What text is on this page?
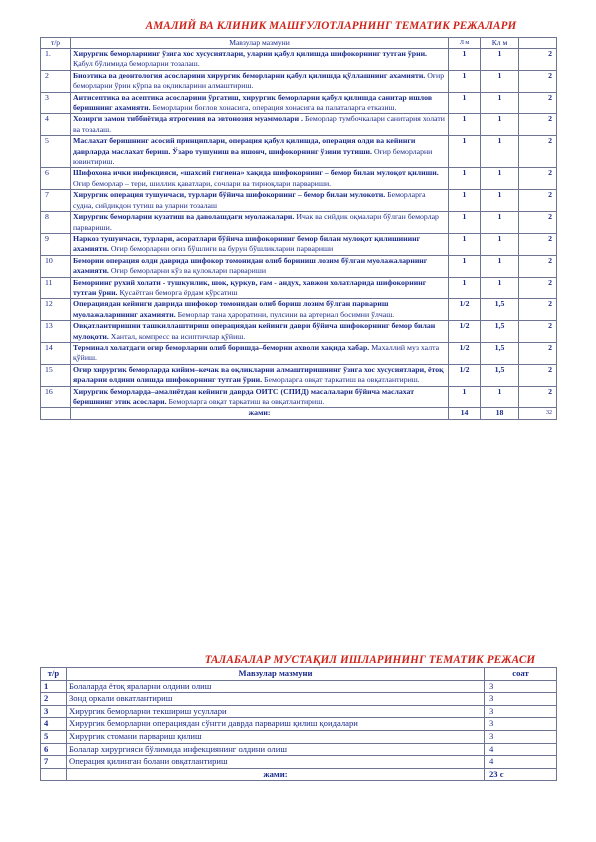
АМАЛИЙ ВА КЛИНИК МАШҒУЛОТЛАРНИНГ ТЕМАТИК РЕЖАЛАРИ
т/р	Мавзулар мазмуни	Л м	Кл м	
1.	Хирургик беморларнинг ўзига хос хусусиятлари, уларни қабул қилишда шифокорнинг тутган ўрни. Қабул бўлимида беморларни тозалаш.	1	1	2
2	Биоэтика ва деонтология асосларини хирургик беморларни қабул қилишда қўллашнинг ахамияти. Оғир беморларни ўрин кўрпа ва оқликларини алмаштириш.	1	1	2
3	Антисептика ва асептика асосларини ўргатиш, хирургик беморларни қабул қилишда санитар ишлов беришнинг ахамияти. Беморларни боғлов хонасига, операция хонасига ва палаталарга етказиш.	1	1	2
4	Хозирги замон тиббиётида ятрогения ва эвтонозия муаммолари . Беморлар тумбочкалари санитария холати ва тозалаш.	1	1	2
5	Маслахат беришнинг асосий принциплари, операция қабул қилишда, операция олди ва кейинги даврларда маслахат бериш. Ўзаро тушуниш ва ишонч, шифокорнинг ўзини тутиши. Оғир беморларни ювинтириш.	1	1	2
6	Шифохона ички инфекцияси, «шахсий гигиена» хақида шифокорнинг – бемор билан мулоқот қилиши. Оғир беморлар – тери, шиллик қаватлари, сочлари ва тирноқлари парвариши.	1	1	2
7	Хирургик операция тушунчаси, турлари бўйича шифокорнинг – бемор билан мулокоти. Беморларга судна, сийдикдон тутиш ва уларни тозалаш	1	1	2
8	Хирургик беморларни кузатиш ва даволашдаги муолажалари. Ичак ва сийдик оқмалари бўлган беморлар парвариши.	1	1	2
9	Наркоз тушунчаси, турлари, асоратлари бўйича шифокорнинг бемор билан мулоқот қилишининг ахамияти. Оғир беморларни оғиз бўшлиғи ва бурун бўшликларии парвариши	1	1	2
10	Бемории операция олди даврида шифокор томонидан олиб бориииш лозим бўлган муолажаларнинг ахамияти. Оғир беморларни кўз ва қулоклари парвариши	1	1	2
11	Беморнинг рухий холати - тушкунлик, шок, қуркув, ғам - андух, хавжон холатларида шифокорнинг тутган ўрни. Қусаётган беморга ёрдам кўрсатиш	1	1	2
12	Операциядан кейинги даврида шифокор томонидан олиб бориш лозим бўлган парвариш муолажаларининг ахамияти. Беморлар тана ҳароратини, пулсини ва артериал босимни ўлчаш.	1/2	1,5	2
13	Овқатлантиришни ташкиллаштириш операциядан кейинги даври бўйича шифокорнинг бемор билан мулоқоти. Хантал, компресс ва исиптичлар қўйиш.	1/2	1,5	2
14	Терминал холатдаги оғир беморларни олиб боришда–беморни ахволи хақида хабар. Махаллий муз халта қўйиш.	1/2	1,5	2
15	Оғир хирургик беморларда кийим–кечак ва оқликларни алмаштиришнинг ўзига хос хусусиятлари, ётоқ яраларни олдини олишда шифокорнинг тутган ўрни. Беморларга овқат таркатиш ва овқатлантириш.	1/2	1,5	2
16	Хирургик беморларда–амалиётдан кейинги даврда ОИТС (СПИД) масалалари бўйича маслахат беришнинг этик асослари. Беморларга овқат таркатиш ва овқатлантириш.	1	1	2
	жами:	14	18	32
ТАЛАБАЛАР МУСТАҚИЛ ИШЛАРИНИНГ ТЕМАТИК РЕЖАСИ
т/р	Мавзулар мазмуни	соат
1	Болаларда ётоқ яраларни олдини олиш	3
2	Зонд оркали овкатлантириш	3
3	Хирургик беморларни текшириш усуллари	3
4	Хирургик беморларни операциядан сўнгги даврда парвариш қилиш қоидалари	3
5	Хирургик стомани парвариш қилиш	3
6	Болалар хирургияси бўлимида инфекциянинг олдини олиш	4
7	Операция қилинган болани овқатлантириш	4
	жами:	23 с
